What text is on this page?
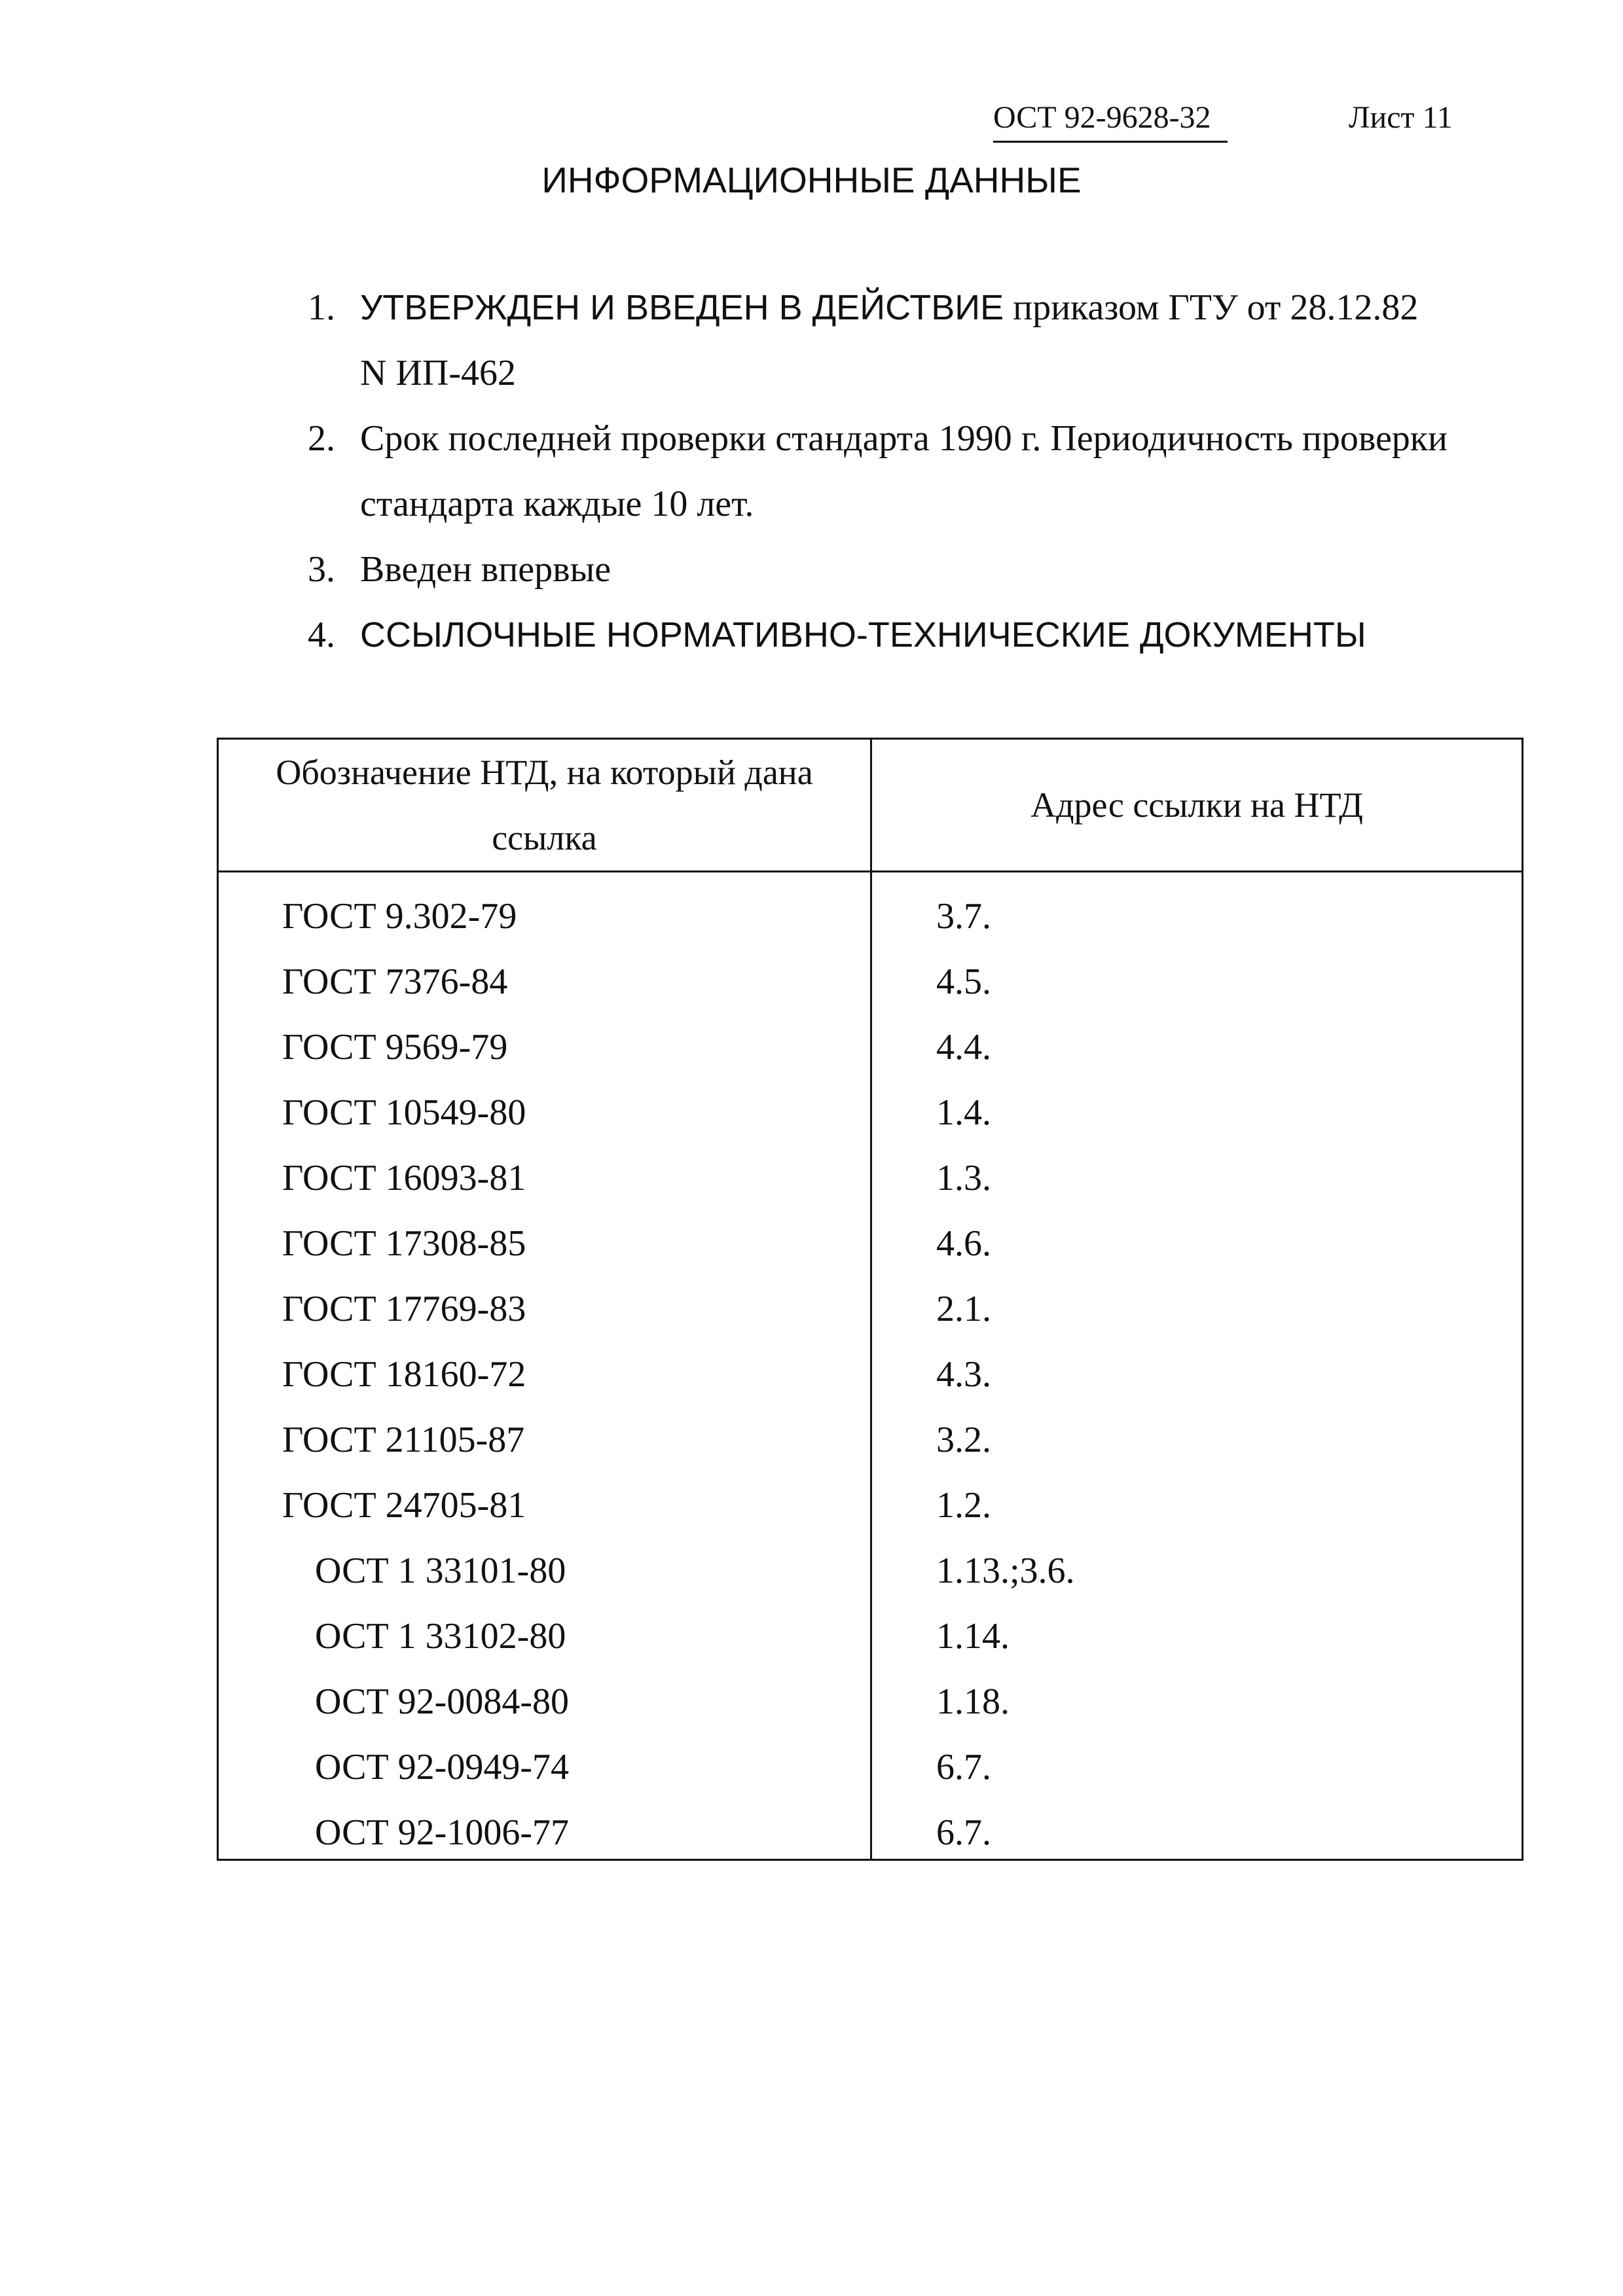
ОСТ 92-9628-32	Лист 11
ИНФОРМАЦИОННЫЕ ДАННЫЕ
1. УТВЕРЖДЕН И ВВЕДЕН В ДЕЙСТВИЕ приказом ГТУ от 28.12.82
N ИП-462
2. Срок последней проверки стандарта 1990 г. Периодичность проверки
стандарта каждые 10 лет.
3. Введен впервые
4. ССЫЛОЧНЫЕ НОРМАТИВНО-ТЕХНИЧЕСКИЕ ДОКУМЕНТЫ
Обозначение НТД, на который дана
ссылка
Адрес ссылки на НТД
ГОСТ 9.302-79	3.7.
ГОСТ 7376-84	4.5.
ГОСТ 9569-79	4.4.
ГОСТ 10549-80	1.4.
ГОСТ 16093-81	1.3.
ГОСТ 17308-85	4.6.
ГОСТ 17769-83	2.1.
ГОСТ 18160-72	4.3.
ГОСТ 21105-87	3.2.
ГОСТ 24705-81	1.2.
ОСТ 1 33101-80	1.13.;3.6.
ОСТ 1 33102-80	1.14.
ОСТ 92-0084-80	1.18.
ОСТ 92-0949-74	6.7.
ОСТ 92-1006-77	6.7.
